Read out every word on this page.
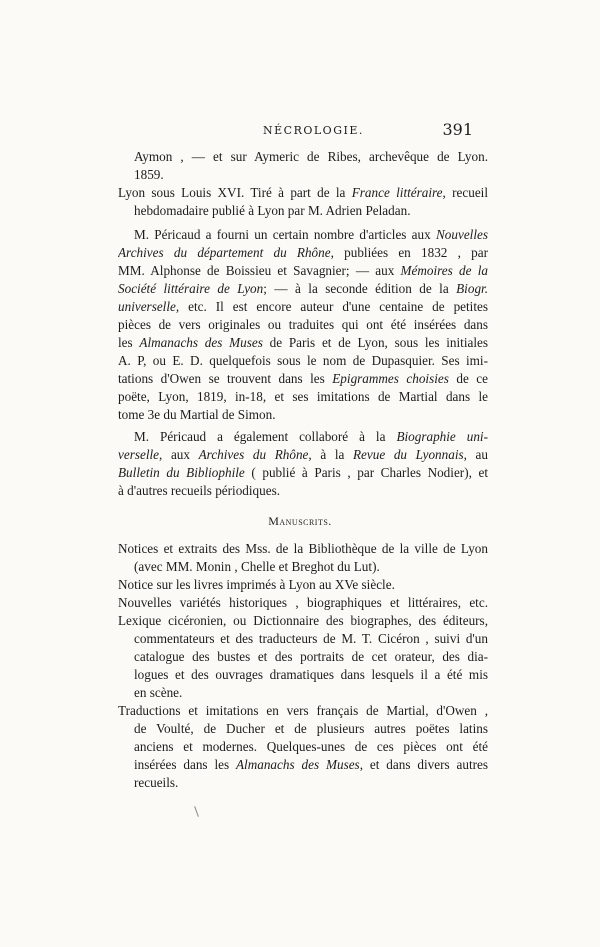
NÉCROLOGIE.	391
Aymon , — et sur Aymeric de Ribes, archevêque de Lyon.
1859.
Lyon sous Louis XVI. Tiré à part de la France littéraire, recueil
hebdomadaire publié à Lyon par M. Adrien Peladan.
M. Péricaud a fourni un certain nombre d'articles aux Nouvelles
Archives du département du Rhône, publiées en 1832 , par
MM. Alphonse de Boissieu et Savagnier; — aux Mémoires de la
Société littéraire de Lyon; — à la seconde édition de la Biogr.
universelle, etc. Il est encore auteur d'une centaine de petites
pièces de vers originales ou traduites qui ont été insérées dans
les Almanachs des Muses de Paris et de Lyon, sous les initiales
A. P, ou E. D. quelquefois sous le nom de Dupasquier. Ses imi-
tations d'Owen se trouvent dans les Epigrammes choisies de ce
poëte, Lyon, 1819, in-18, et ses imitations de Martial dans le
tome 3e du Martial de Simon.
M. Péricaud a également collaboré à la Biographie uni-
verselle, aux Archives du Rhône, à la Revue du Lyonnais, au
Bulletin du Bibliophile ( publié à Paris , par Charles Nodier), et
à d'autres recueils périodiques.
Manuscrits.
Notices et extraits des Mss. de la Bibliothèque de la ville de Lyon
(avec MM. Monin , Chelle et Breghot du Lut).
Notice sur les livres imprimés à Lyon au XVe siècle.
Nouvelles variétés historiques , biographiques et littéraires, etc.
Lexique cicéronien, ou Dictionnaire des biographes, des éditeurs,
commentateurs et des traducteurs de M. T. Cicéron , suivi d'un
catalogue des bustes et des portraits de cet orateur, des dia-
logues et des ouvrages dramatiques dans lesquels il a été mis
en scène.
Traductions et imitations en vers français de Martial, d'Owen ,
de Voulté, de Ducher et de plusieurs autres poëtes latins
anciens et modernes. Quelques-unes de ces pièces ont été
insérées dans les Almanachs des Muses, et dans divers autres
recueils.
